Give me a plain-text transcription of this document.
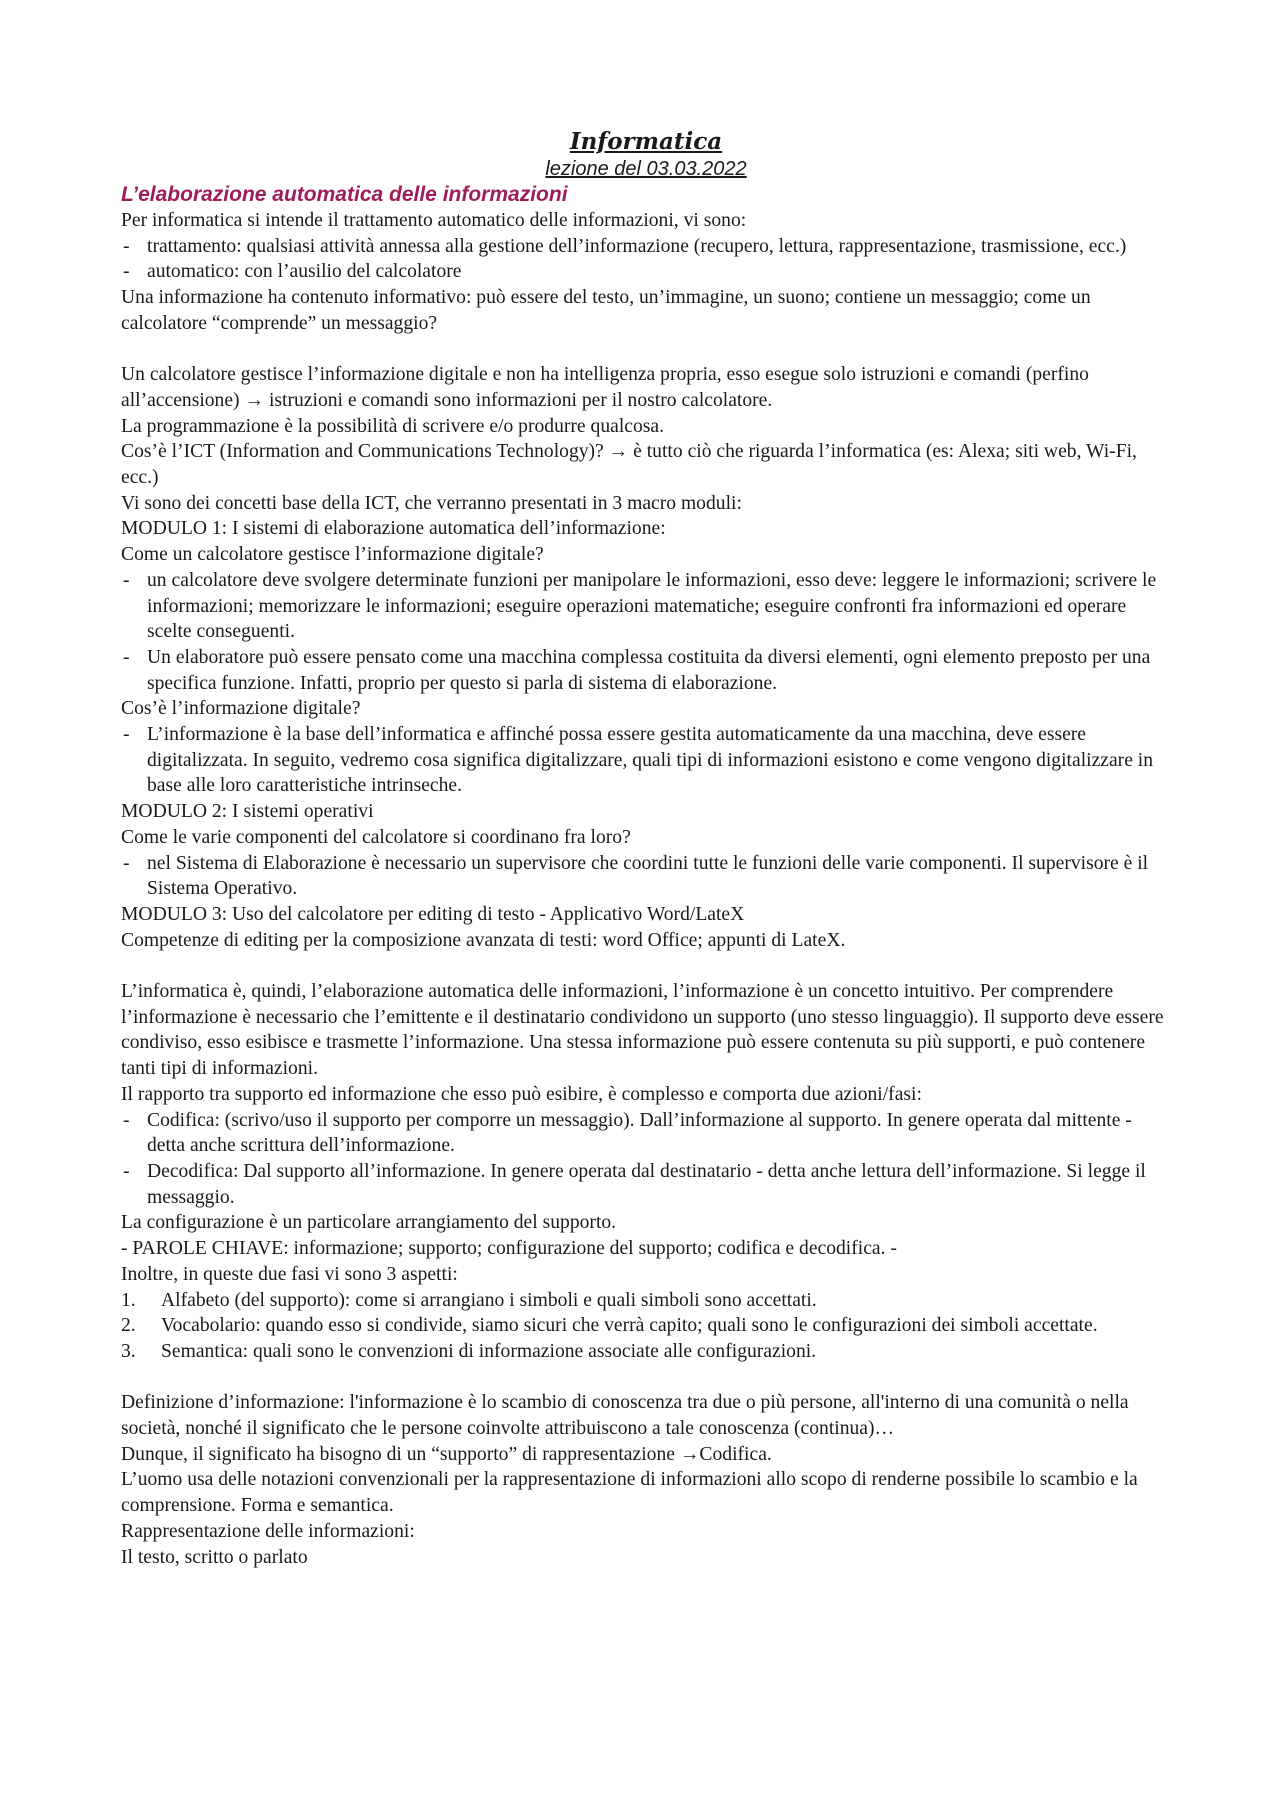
Informatica
lezione del 03.03.2022
L’elaborazione automatica delle informazioni

Per informatica si intende il trattamento automatico delle informazioni, vi sono:

- trattamento: qualsiasi attività annessa alla gestione dell’informazione (recupero, lettura, rappresentazione, trasmissione, ecc.)
- automatico: con l’ausilio del calcolatore

Una informazione ha contenuto informativo: può essere del testo, un’immagine, un suono; contiene un messaggio; come un calcolatore “comprende” un messaggio?

Un calcolatore gestisce l’informazione digitale e non ha intelligenza propria, esso esegue solo istruzioni e comandi (perfino all’accensione) → istruzioni e comandi sono informazioni per il nostro calcolatore.

La programmazione è la possibilità di scrivere e/o produrre qualcosa.

Cos’è l’ICT (Information and Communications Technology)? → è tutto ciò che riguarda l’informatica (es: Alexa; siti web, Wi-Fi, ecc.)

Vi sono dei concetti base della ICT, che verranno presentati in 3 macro moduli:

MODULO 1: I sistemi di elaborazione automatica dell’informazione:

Come un calcolatore gestisce l’informazione digitale?

- un calcolatore deve svolgere determinate funzioni per manipolare le informazioni, esso deve: leggere le informazioni; scrivere le informazioni; memorizzare le informazioni; eseguire operazioni matematiche; eseguire confronti fra informazioni ed operare scelte conseguenti.
- Un elaboratore può essere pensato come una macchina complessa costituita da diversi elementi, ogni elemento preposto per una specifica funzione. Infatti, proprio per questo si parla di sistema di elaborazione.

Cos’è l’informazione digitale?

- L’informazione è la base dell’informatica e affinché possa essere gestita automaticamente da una macchina, deve essere digitalizzata. In seguito, vedremo cosa significa digitalizzare, quali tipi di informazioni esistono e come vengono digitalizzare in base alle loro caratteristiche intrinseche.

MODULO 2: I sistemi operativi

Come le varie componenti del calcolatore si coordinano fra loro?

- nel Sistema di Elaborazione è necessario un supervisore che coordini tutte le funzioni delle varie componenti. Il supervisore è il Sistema Operativo.

MODULO 3: Uso del calcolatore per editing di testo - Applicativo Word/LateX

Competenze di editing per la composizione avanzata di testi: word Office; appunti di LateX.

L’informatica è, quindi, l’elaborazione automatica delle informazioni, l’informazione è un concetto intuitivo. Per comprendere l’informazione è necessario che l’emittente e il destinatario condividono un supporto (uno stesso linguaggio). Il supporto deve essere condiviso, esso esibisce e trasmette l’informazione. Una stessa informazione può essere contenuta su più supporti, e può contenere tanti tipi di informazioni.

Il rapporto tra supporto ed informazione che esso può esibire, è complesso e comporta due azioni/fasi:

- Codifica: (scrivo/uso il supporto per comporre un messaggio). Dall’informazione al supporto. In genere operata dal mittente - detta anche scrittura dell’informazione.
- Decodifica: Dal supporto all’informazione. In genere operata dal destinatario - detta anche lettura dell’informazione. Si legge il messaggio.

La configurazione è un particolare arrangiamento del supporto.

- PAROLE CHIAVE: informazione; supporto; configurazione del supporto; codifica e decodifica. -

Inoltre, in queste due fasi vi sono 3 aspetti:

1. Alfabeto (del supporto): come si arrangiano i simboli e quali simboli sono accettati.
2. Vocabolario: quando esso si condivide, siamo sicuri che verrà capito; quali sono le configurazioni dei simboli accettate.
3. Semantica: quali sono le convenzioni di informazione associate alle configurazioni.

Definizione d’informazione: l'informazione è lo scambio di conoscenza tra due o più persone, all'interno di una comunità o nella società, nonché il significato che le persone coinvolte attribuiscono a tale conoscenza (continua)…

Dunque, il significato ha bisogno di un “supporto” di rappresentazione →Codifica.

L’uomo usa delle notazioni convenzionali per la rappresentazione di informazioni allo scopo di renderne possibile lo scambio e la comprensione. Forma e semantica.

Rappresentazione delle informazioni:

Il testo, scritto o parlato
